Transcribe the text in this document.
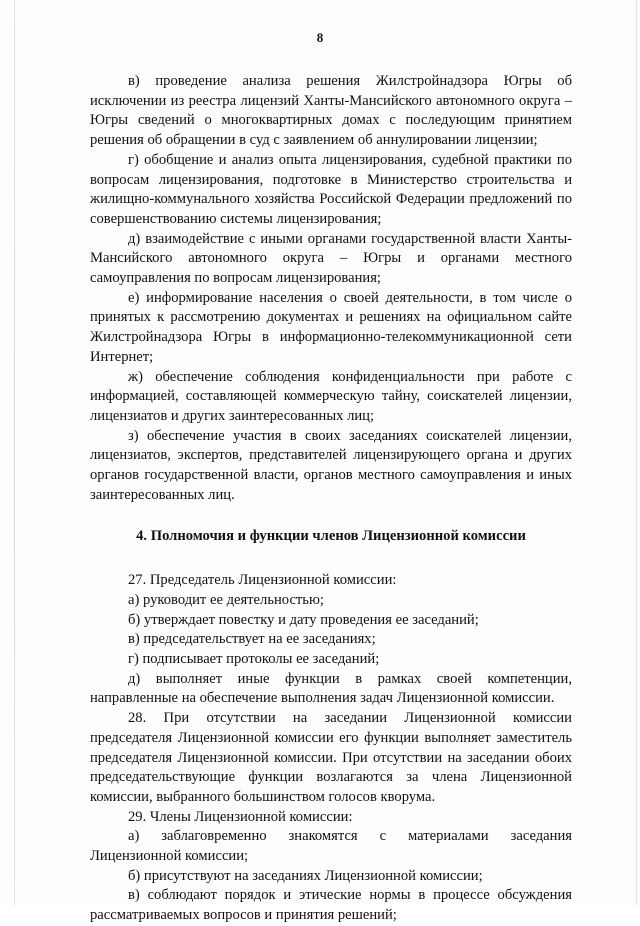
8

в) проведение анализа решения Жилстройнадзора Югры об исключении из реестра лицензий Ханты-Мансийского автономного округа – Югры сведений о многоквартирных домах с последующим принятием решения об обращении в суд с заявлением об аннулировании лицензии;

г) обобщение и анализ опыта лицензирования, судебной практики по вопросам лицензирования, подготовке в Министерство строительства и жилищно-коммунального хозяйства Российской Федерации предложений по совершенствованию системы лицензирования;

д) взаимодействие с иными органами государственной власти Ханты-Мансийского автономного округа – Югры и органами местного самоуправления по вопросам лицензирования;

е) информирование населения о своей деятельности, в том числе о принятых к рассмотрению документах и решениях на официальном сайте Жилстройнадзора Югры в информационно-телекоммуникационной сети Интернет;

ж) обеспечение соблюдения конфиденциальности при работе с информацией, составляющей коммерческую тайну, соискателей лицензии, лицензиатов и других заинтересованных лиц;

з) обеспечение участия в своих заседаниях соискателей лицензии, лицензиатов, экспертов, представителей лицензирующего органа и других органов государственной власти, органов местного самоуправления и иных заинтересованных лиц.

4. Полномочия и функции членов Лицензионной комиссии

27. Председатель Лицензионной комиссии:

а) руководит ее деятельностью;

б) утверждает повестку и дату проведения ее заседаний;

в) председательствует на ее заседаниях;

г) подписывает протоколы ее заседаний;

д) выполняет иные функции в рамках своей компетенции, направленные на обеспечение выполнения задач Лицензионной комиссии.

28. При отсутствии на заседании Лицензионной комиссии председателя Лицензионной комиссии его функции выполняет заместитель председателя Лицензионной комиссии. При отсутствии на заседании обоих председательствующие функции возлагаются за члена Лицензионной комиссии, выбранного большинством голосов кворума.

29. Члены Лицензионной комиссии:

а) заблаговременно знакомятся с материалами заседания Лицензионной комиссии;

б) присутствуют на заседаниях Лицензионной комиссии;

в) соблюдают порядок и этические нормы в процессе обсуждения рассматриваемых вопросов и принятия решений;
